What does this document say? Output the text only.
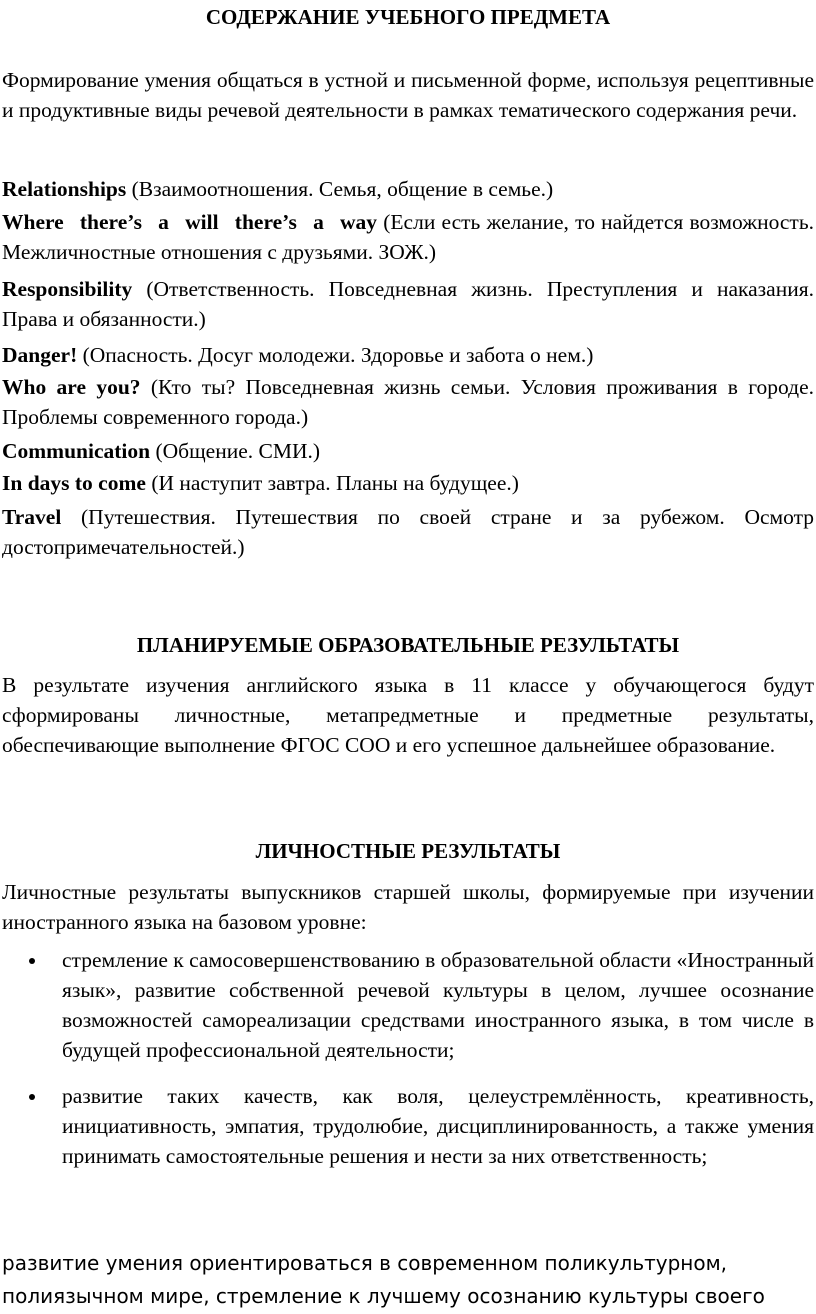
СОДЕРЖАНИЕ УЧЕБНОГО ПРЕДМЕТА

Формирование умения общаться в устной и письменной форме, используя рецептивные и продуктивные виды речевой деятельности в рамках тематического содержания речи.

Relationships (Взаимоотношения. Семья, общение в семье.)

Where there’s a will there’s a way (Если есть желание, то найдется возможность. Межличностные отношения с друзьями. ЗОЖ.)

Responsibility (Ответственность. Повседневная жизнь. Преступления и наказания. Права и обязанности.)

Danger! (Опасность. Досуг молодежи. Здоровье и забота о нем.)

Who are you? (Кто ты? Повседневная жизнь семьи. Условия проживания в городе. Проблемы современного города.)

Communication (Общение. СМИ.)

In days to come (И наступит завтра. Планы на будущее.)

Travel (Путешествия. Путешествия по своей стране и за рубежом. Осмотр достопримечательностей.)

ПЛАНИРУЕМЫЕ ОБРАЗОВАТЕЛЬНЫЕ РЕЗУЛЬТАТЫ

В результате изучения английского языка в 11 классе у обучающегося будут сформированы личностные, метапредметные и предметные результаты, обеспечивающие выполнение ФГОС СОО и его успешное дальнейшее образование.

ЛИЧНОСТНЫЕ РЕЗУЛЬТАТЫ

Личностные результаты выпускников старшей школы, формируемые при изучении иностранного языка на базовом уровне:

стремление к самосовершенствованию в образовательной области «Иностранный язык», развитие собственной речевой культуры в целом, лучшее осознание возможностей самореализации средствами иностранного языка, в том числе в будущей профессиональной деятельности;
развитие таких качеств, как воля, целеустремлённость, креативность, инициативность, эмпатия, трудолюбие, дисциплинированность, а также умения принимать самостоятельные решения и нести за них ответственность;

развитие умения ориентироваться в современном поликультурном, полиязычном мире, стремление к лучшему осознанию культуры своего
